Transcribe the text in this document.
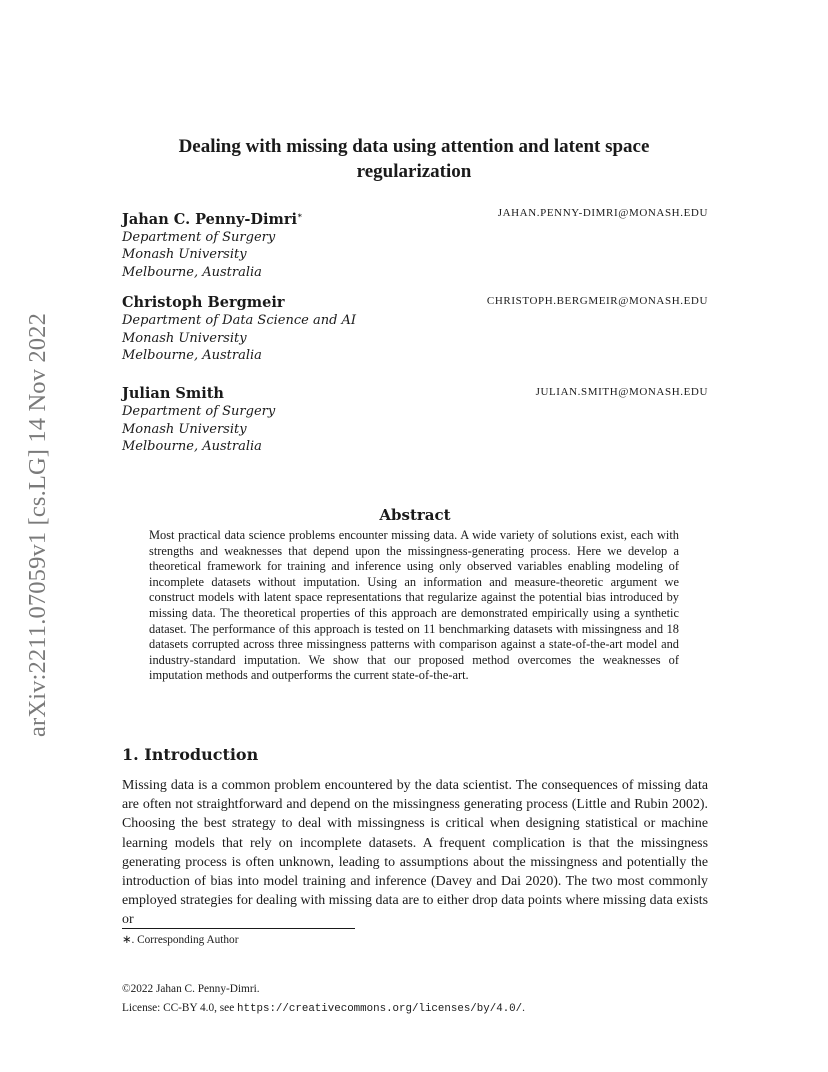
arXiv:2211.07059v1 [cs.LG] 14 Nov 2022
Dealing with missing data using attention and latent space
regularization
Jahan C. Penny-Dimri∗	JAHAN.PENNY-DIMRI@MONASH.EDU
Department of Surgery
Monash University
Melbourne, Australia
Christoph Bergmeir	CHRISTOPH.BERGMEIR@MONASH.EDU
Department of Data Science and AI
Monash University
Melbourne, Australia
Julian Smith	JULIAN.SMITH@MONASH.EDU
Department of Surgery
Monash University
Melbourne, Australia
Abstract
Most practical data science problems encounter missing data. A wide variety of solutions exist, each with strengths and weaknesses that depend upon the missingness-generating process. Here we develop a theoretical framework for training and inference using only observed variables enabling modeling of incomplete datasets without imputation. Using an information and measure-theoretic argument we construct models with latent space representations that regularize against the potential bias introduced by missing data. The theoretical properties of this approach are demonstrated empirically using a synthetic dataset. The performance of this approach is tested on 11 benchmarking datasets with missingness and 18 datasets corrupted across three missingness patterns with comparison against a state-of-the-art model and industry-standard imputation. We show that our proposed method overcomes the weaknesses of imputation methods and outperforms the current state-of-the-art.
1. Introduction
Missing data is a common problem encountered by the data scientist. The consequences of missing data are often not straightforward and depend on the missingness generating process (Little and Rubin 2002). Choosing the best strategy to deal with missingness is critical when designing statistical or machine learning models that rely on incomplete datasets. A frequent complication is that the missingness generating process is often unknown, leading to assumptions about the missingness and potentially the introduction of bias into model training and inference (Davey and Dai 2020). The two most commonly employed strategies for dealing with missing data are to either drop data points where missing data exists or
∗. Corresponding Author
©2022 Jahan C. Penny-Dimri.
License: CC-BY 4.0, see https://creativecommons.org/licenses/by/4.0/.
